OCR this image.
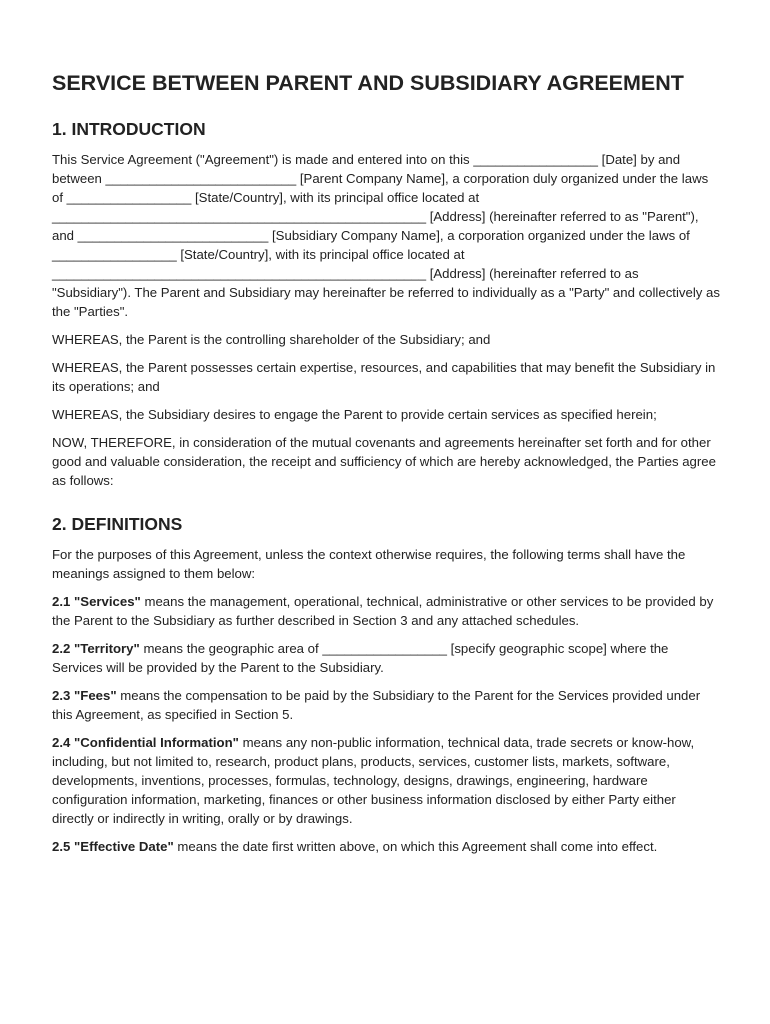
SERVICE BETWEEN PARENT AND SUBSIDIARY AGREEMENT
1. INTRODUCTION

This Service Agreement ("Agreement") is made and entered into on this _________________ [Date] by and between __________________________ [Parent Company Name], a corporation duly organized under the laws of _________________ [State/Country], with its principal office located at ___________________________________________________ [Address] (hereinafter referred to as "Parent"), and __________________________ [Subsidiary Company Name], a corporation organized under the laws of _________________ [State/Country], with its principal office located at ___________________________________________________ [Address] (hereinafter referred to as "Subsidiary"). The Parent and Subsidiary may hereinafter be referred to individually as a "Party" and collectively as the "Parties".

WHEREAS, the Parent is the controlling shareholder of the Subsidiary; and

WHEREAS, the Parent possesses certain expertise, resources, and capabilities that may benefit the Subsidiary in its operations; and

WHEREAS, the Subsidiary desires to engage the Parent to provide certain services as specified herein;

NOW, THEREFORE, in consideration of the mutual covenants and agreements hereinafter set forth and for other good and valuable consideration, the receipt and sufficiency of which are hereby acknowledged, the Parties agree as follows:

2. DEFINITIONS

For the purposes of this Agreement, unless the context otherwise requires, the following terms shall have the meanings assigned to them below:

2.1 "Services" means the management, operational, technical, administrative or other services to be provided by the Parent to the Subsidiary as further described in Section 3 and any attached schedules.

2.2 "Territory" means the geographic area of _________________ [specify geographic scope] where the Services will be provided by the Parent to the Subsidiary.

2.3 "Fees" means the compensation to be paid by the Subsidiary to the Parent for the Services provided under this Agreement, as specified in Section 5.

2.4 "Confidential Information" means any non-public information, technical data, trade secrets or know-how, including, but not limited to, research, product plans, products, services, customer lists, markets, software, developments, inventions, processes, formulas, technology, designs, drawings, engineering, hardware configuration information, marketing, finances or other business information disclosed by either Party either directly or indirectly in writing, orally or by drawings.

2.5 "Effective Date" means the date first written above, on which this Agreement shall come into effect.
